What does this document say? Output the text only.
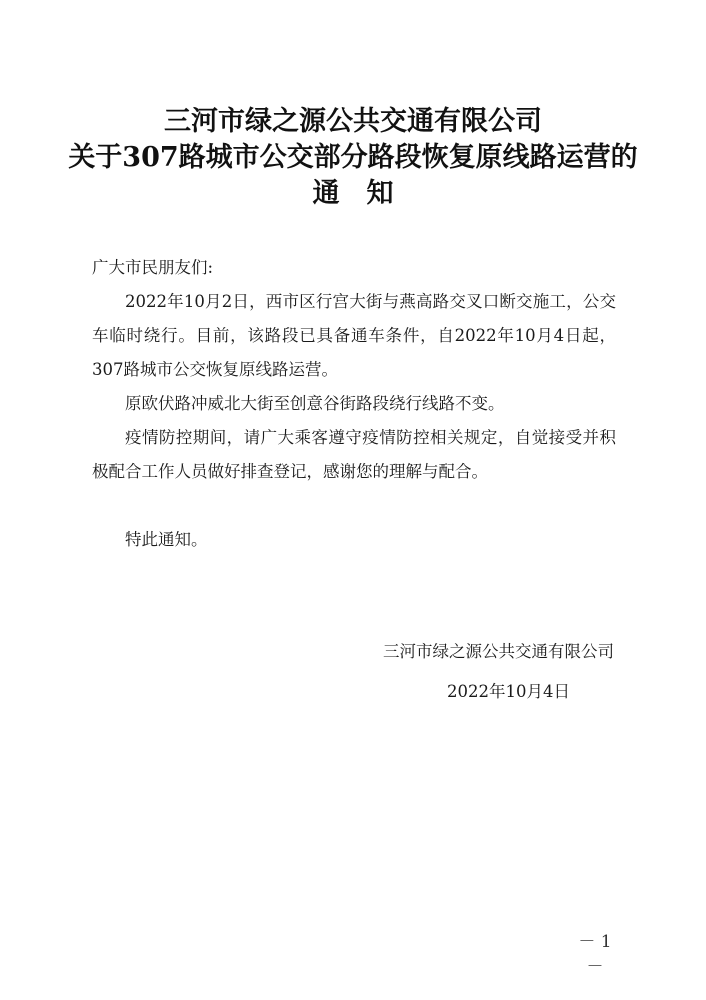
三河市绿之源公共交通有限公司
关于307路城市公交部分路段恢复原线路运营的
通　知

广大市民朋友们:

2022年10月2日，西市区行宫大街与燕高路交叉口断交施工，公交车临时绕行。目前，该路段已具备通车条件，自2022年10月4日起，307路城市公交恢复原线路运营。

原欧伏路冲威北大街至创意谷街路段绕行线路不变。

疫情防控期间，请广大乘客遵守疫情防控相关规定，自觉接受并积极配合工作人员做好排查登记，感谢您的理解与配合。

特此通知。

三河市绿之源公共交通有限公司
2022年10月4日
－ 1 －
